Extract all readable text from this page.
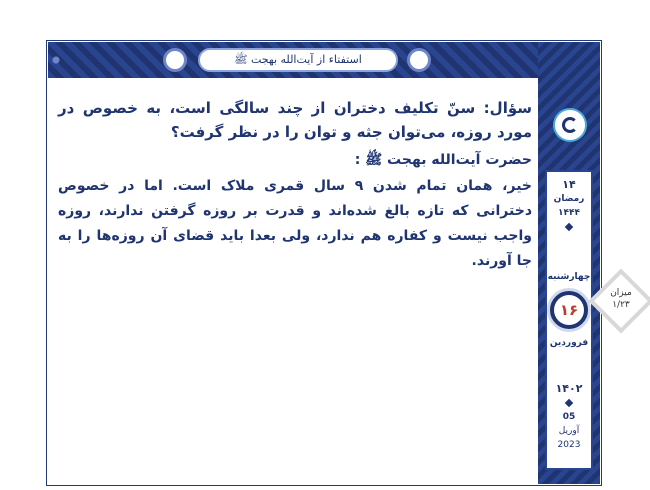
استفتاء از آیت‌الله بهجت ﷺ
۱۴
رمضان
۱۴۴۴
چهارشنبه
۱۶
فروردین
۱۴۰۲
05
آوریل
2023
میزان
۱/۲۳

سؤال: سنّ تکلیف دختران از چند سالگی است، به خصوص در مورد روزه، می‌توان جثه و توان را در نظر گرفت؟

حضرت آیت‌الله بهجت ﷺ :

خیر، همان تمام شدن ۹ سال قمری ملاک است. اما در خصوص دخترانی که تازه بالغ شده‌اند و قدرت بر روزه گرفتن ندارند، روزه واجب نیست و کفاره هم ندارد، ولی بعدا باید قضای آن روزه‌ها را به جا آورند.
